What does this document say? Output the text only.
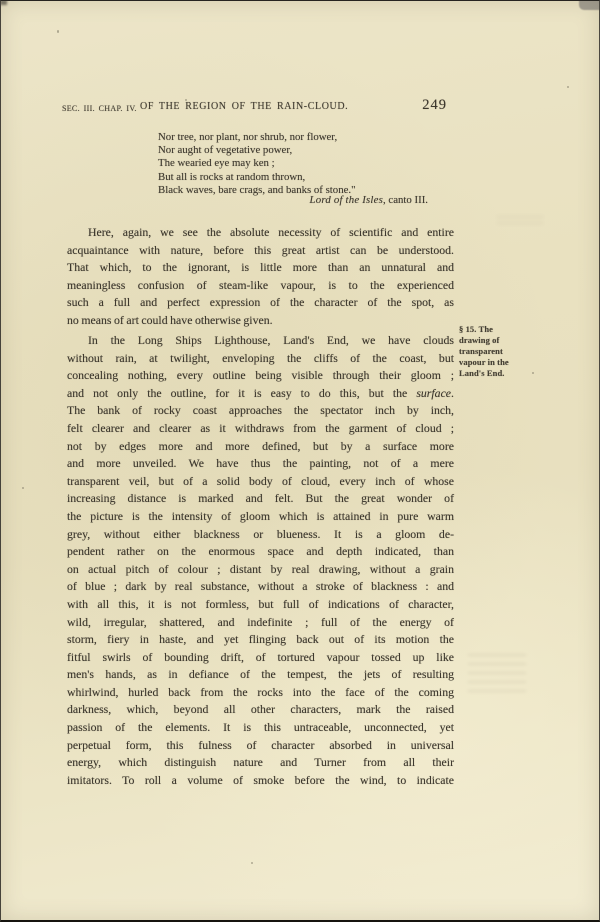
SEC. III. CHAP. IV. OF THE REGION OF THE RAIN-CLOUD.	249
Nor tree, nor plant, nor shrub, nor flower,
Nor aught of vegetative power,
The wearied eye may ken ;
But all is rocks at random thrown,
Black waves, bare crags, and banks of stone."
Lord of the Isles, canto III.
Here, again, we see the absolute necessity of scientific and entire
acquaintance with nature, before this great artist can be understood.
That which, to the ignorant, is little more than an unnatural and
meaningless confusion of steam-like vapour, is to the experienced
such a full and perfect expression of the character of the spot, as
no means of art could have otherwise given.
In the Long Ships Lighthouse, Land's End, we have clouds
without rain, at twilight, enveloping the cliffs of the coast, but
concealing nothing, every outline being visible through their gloom ;
and not only the outline, for it is easy to do this, but the surface.
The bank of rocky coast approaches the spectator inch by inch,
felt clearer and clearer as it withdraws from the garment of cloud ;
not by edges more and more defined, but by a surface more
and more unveiled. We have thus the painting, not of a mere
transparent veil, but of a solid body of cloud, every inch of whose
increasing distance is marked and felt. But the great wonder of
the picture is the intensity of gloom which is attained in pure warm
grey, without either blackness or blueness. It is a gloom de-
pendent rather on the enormous space and depth indicated, than
on actual pitch of colour ; distant by real drawing, without a grain
of blue ; dark by real substance, without a stroke of blackness : and
with all this, it is not formless, but full of indications of character,
wild, irregular, shattered, and indefinite ; full of the energy of
storm, fiery in haste, and yet flinging back out of its motion the
fitful swirls of bounding drift, of tortured vapour tossed up like
men's hands, as in defiance of the tempest, the jets of resulting
whirlwind, hurled back from the rocks into the face of the coming
darkness, which, beyond all other characters, mark the raised
passion of the elements. It is this untraceable, unconnected, yet
perpetual form, this fulness of character absorbed in universal
energy, which distinguish nature and Turner from all their
imitators. To roll a volume of smoke before the wind, to indicate
§ 15. The
drawing of
transparent
vapour in the
Land's End.
